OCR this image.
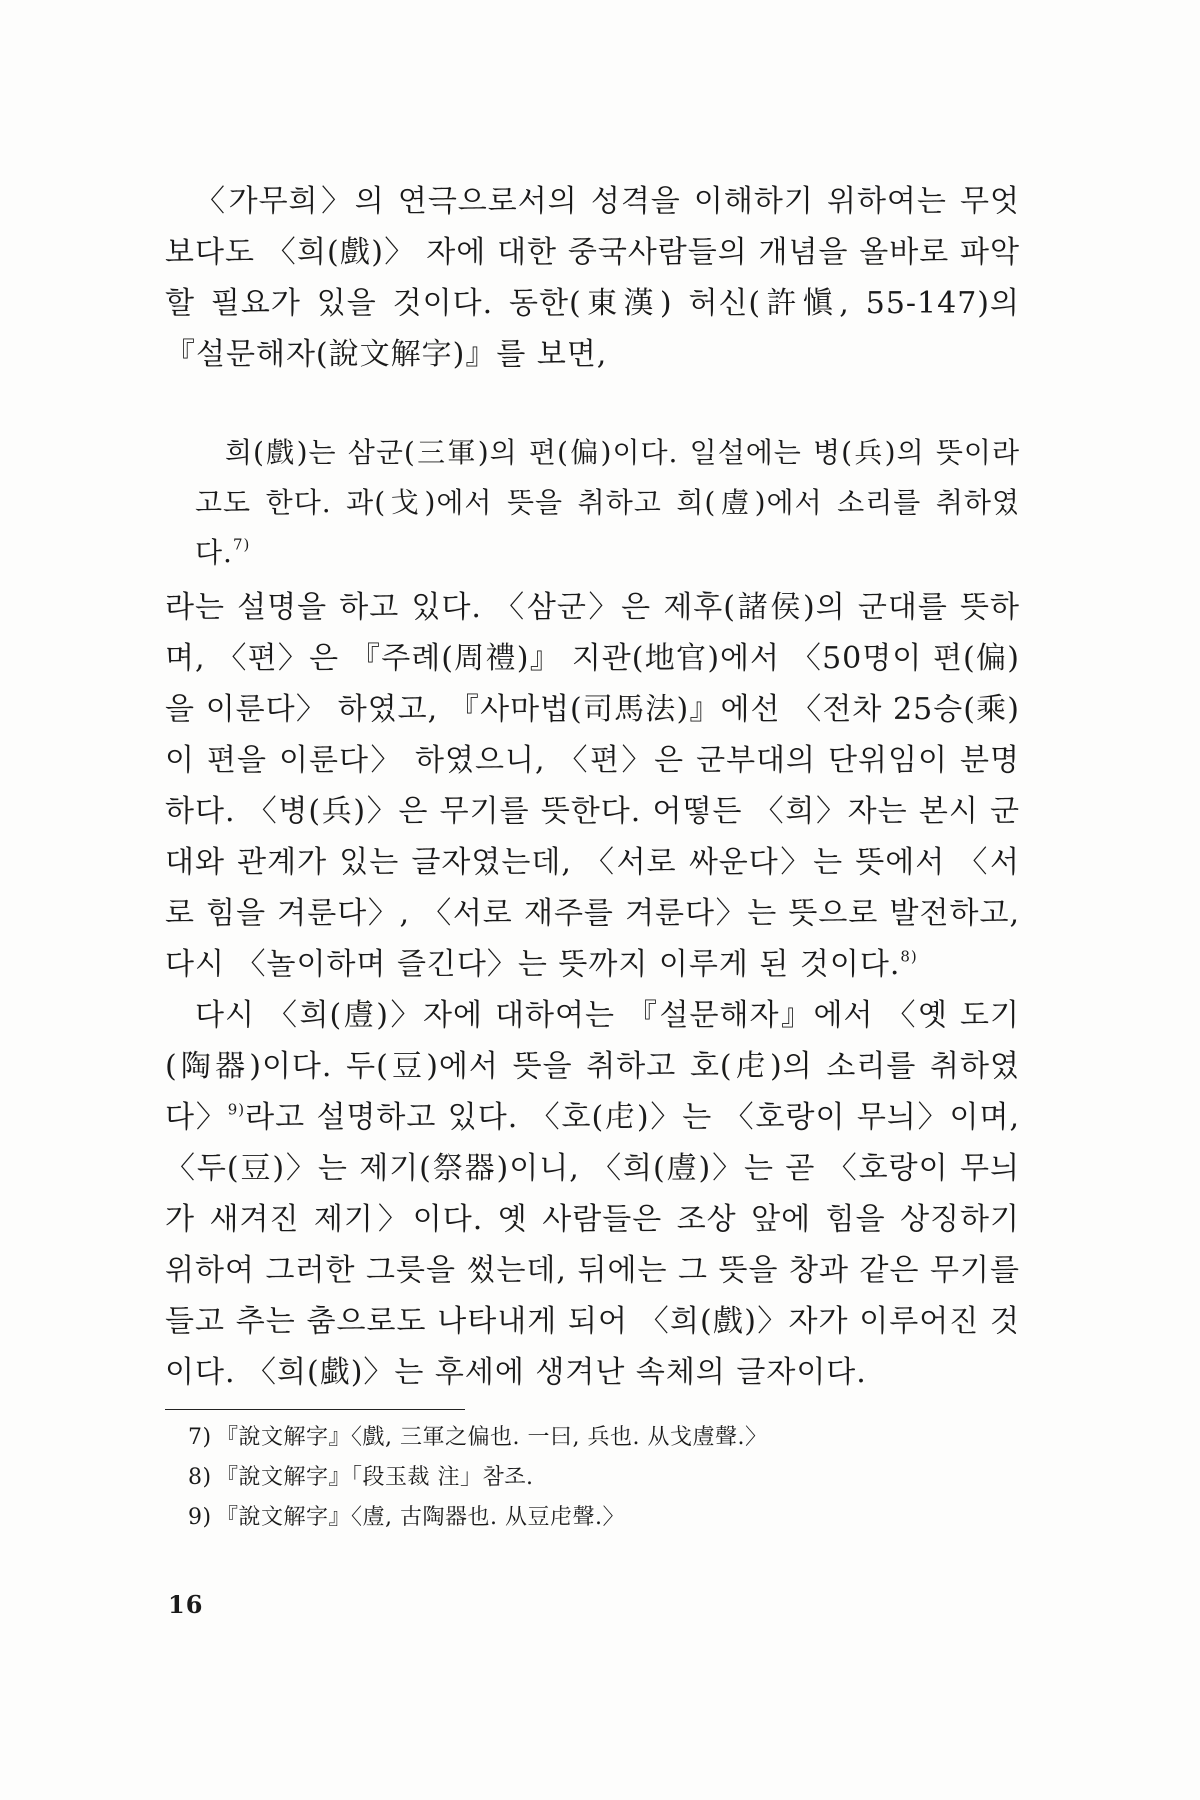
〈가무희〉의 연극으로서의 성격을 이해하기 위하여는 무엇보다도 〈희(戲)〉 자에 대한 중국사람들의 개념을 올바로 파악할 필요가 있을 것이다. 동한(東漢) 허신(許愼, 55-147)의 『설문해자(說文解字)』를 보면,

희(戲)는 삼군(三軍)의 편(偏)이다. 일설에는 병(兵)의 뜻이라고도 한다. 과(戈)에서 뜻을 취하고 희(䖒)에서 소리를 취하였다.$^{7)}$

라는 설명을 하고 있다. 〈삼군〉은 제후(諸侯)의 군대를 뜻하며, 〈편〉은 『주례(周禮)』 지관(地官)에서 〈50명이 편(偏)을 이룬다〉 하였고, 『사마법(司馬法)』에선 〈전차 25승(乘)이 편을 이룬다〉 하였으니, 〈편〉은 군부대의 단위임이 분명하다. 〈병(兵)〉은 무기를 뜻한다. 어떻든 〈희〉자는 본시 군대와 관계가 있는 글자였는데, 〈서로 싸운다〉는 뜻에서 〈서로 힘을 겨룬다〉, 〈서로 재주를 겨룬다〉는 뜻으로 발전하고, 다시 〈놀이하며 즐긴다〉는 뜻까지 이루게 된 것이다.$^{8)}$

다시 〈희(䖒)〉자에 대하여는 『설문해자』에서 〈옛 도기(陶器)이다. 두(豆)에서 뜻을 취하고 호(虍)의 소리를 취하였다〉$^{9)}$라고 설명하고 있다. 〈호(虍)〉는 〈호랑이 무늬〉이며, 〈두(豆)〉는 제기(祭器)이니, 〈희(䖒)〉는 곧 〈호랑이 무늬가 새겨진 제기〉이다. 옛 사람들은 조상 앞에 힘을 상징하기 위하여 그러한 그릇을 썼는데, 뒤에는 그 뜻을 창과 같은 무기를 들고 추는 춤으로도 나타내게 되어 〈희(戲)〉자가 이루어진 것이다. 〈희(戱)〉는 후세에 생겨난 속체의 글자이다.

7) 『說文解字』〈戲, 三軍之偏也. 一曰, 兵也. 从戈䖒聲.〉
8) 『說文解字』「段玉裁 注」참조.
9) 『說文解字』〈䖒, 古陶器也. 从豆虍聲.〉
16
